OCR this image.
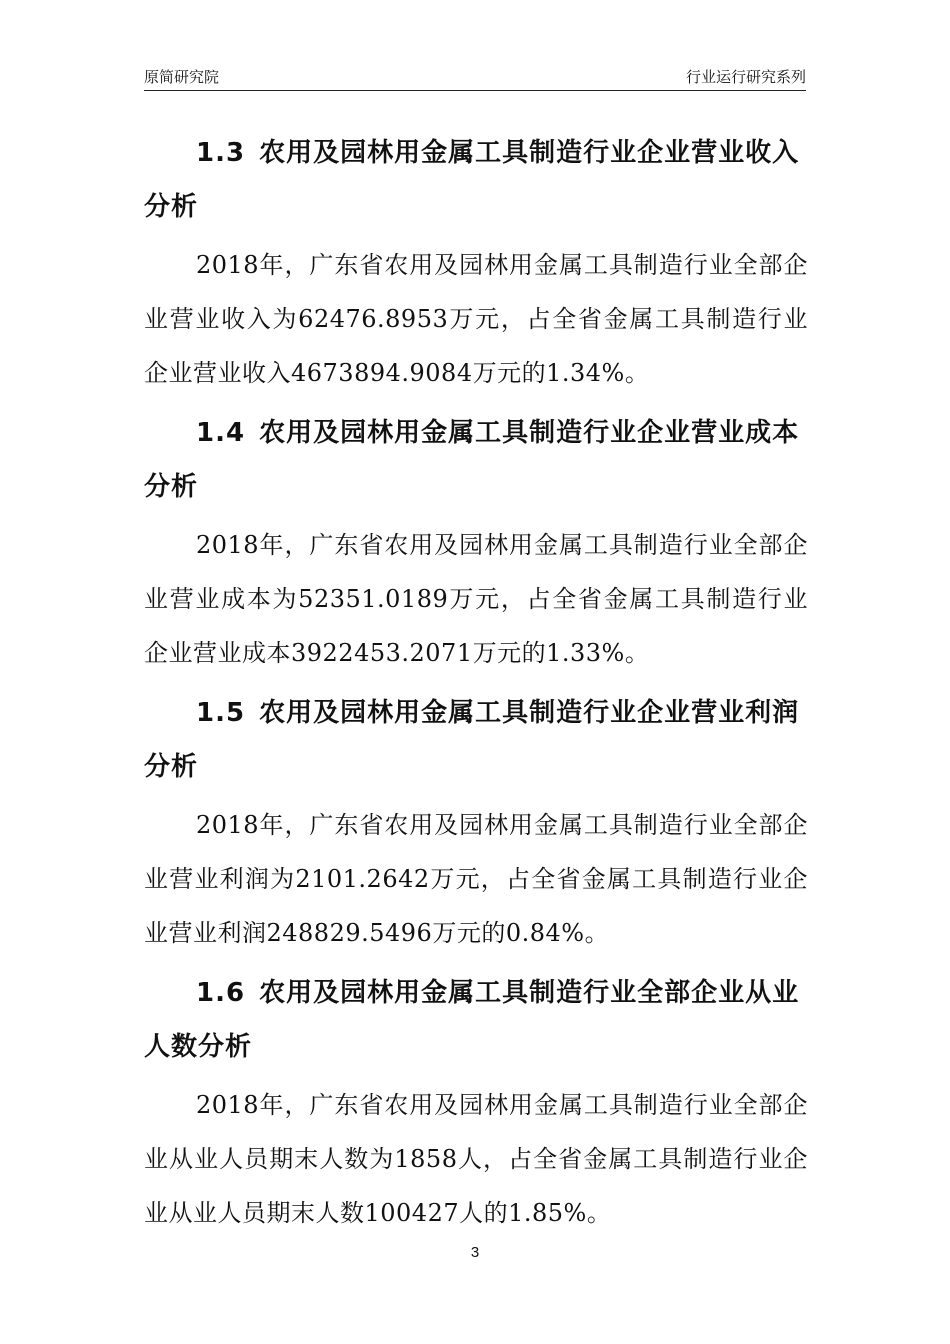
原简研究院	行业运行研究系列
1.3 农用及园林用金属工具制造行业企业营业收入分析

2018年，广东省农用及园林用金属工具制造行业全部企业营业收入为62476.8953万元，占全省金属工具制造行业企业营业收入4673894.9084万元的1.34%。

1.4 农用及园林用金属工具制造行业企业营业成本分析

2018年，广东省农用及园林用金属工具制造行业全部企业营业成本为52351.0189万元，占全省金属工具制造行业企业营业成本3922453.2071万元的1.33%。

1.5 农用及园林用金属工具制造行业企业营业利润分析

2018年，广东省农用及园林用金属工具制造行业全部企业营业利润为2101.2642万元，占全省金属工具制造行业企业营业利润248829.5496万元的0.84%。

1.6 农用及园林用金属工具制造行业全部企业从业人数分析

2018年，广东省农用及园林用金属工具制造行业全部企业从业人员期末人数为1858人，占全省金属工具制造行业企业从业人员期末人数100427人的1.85%。

3
